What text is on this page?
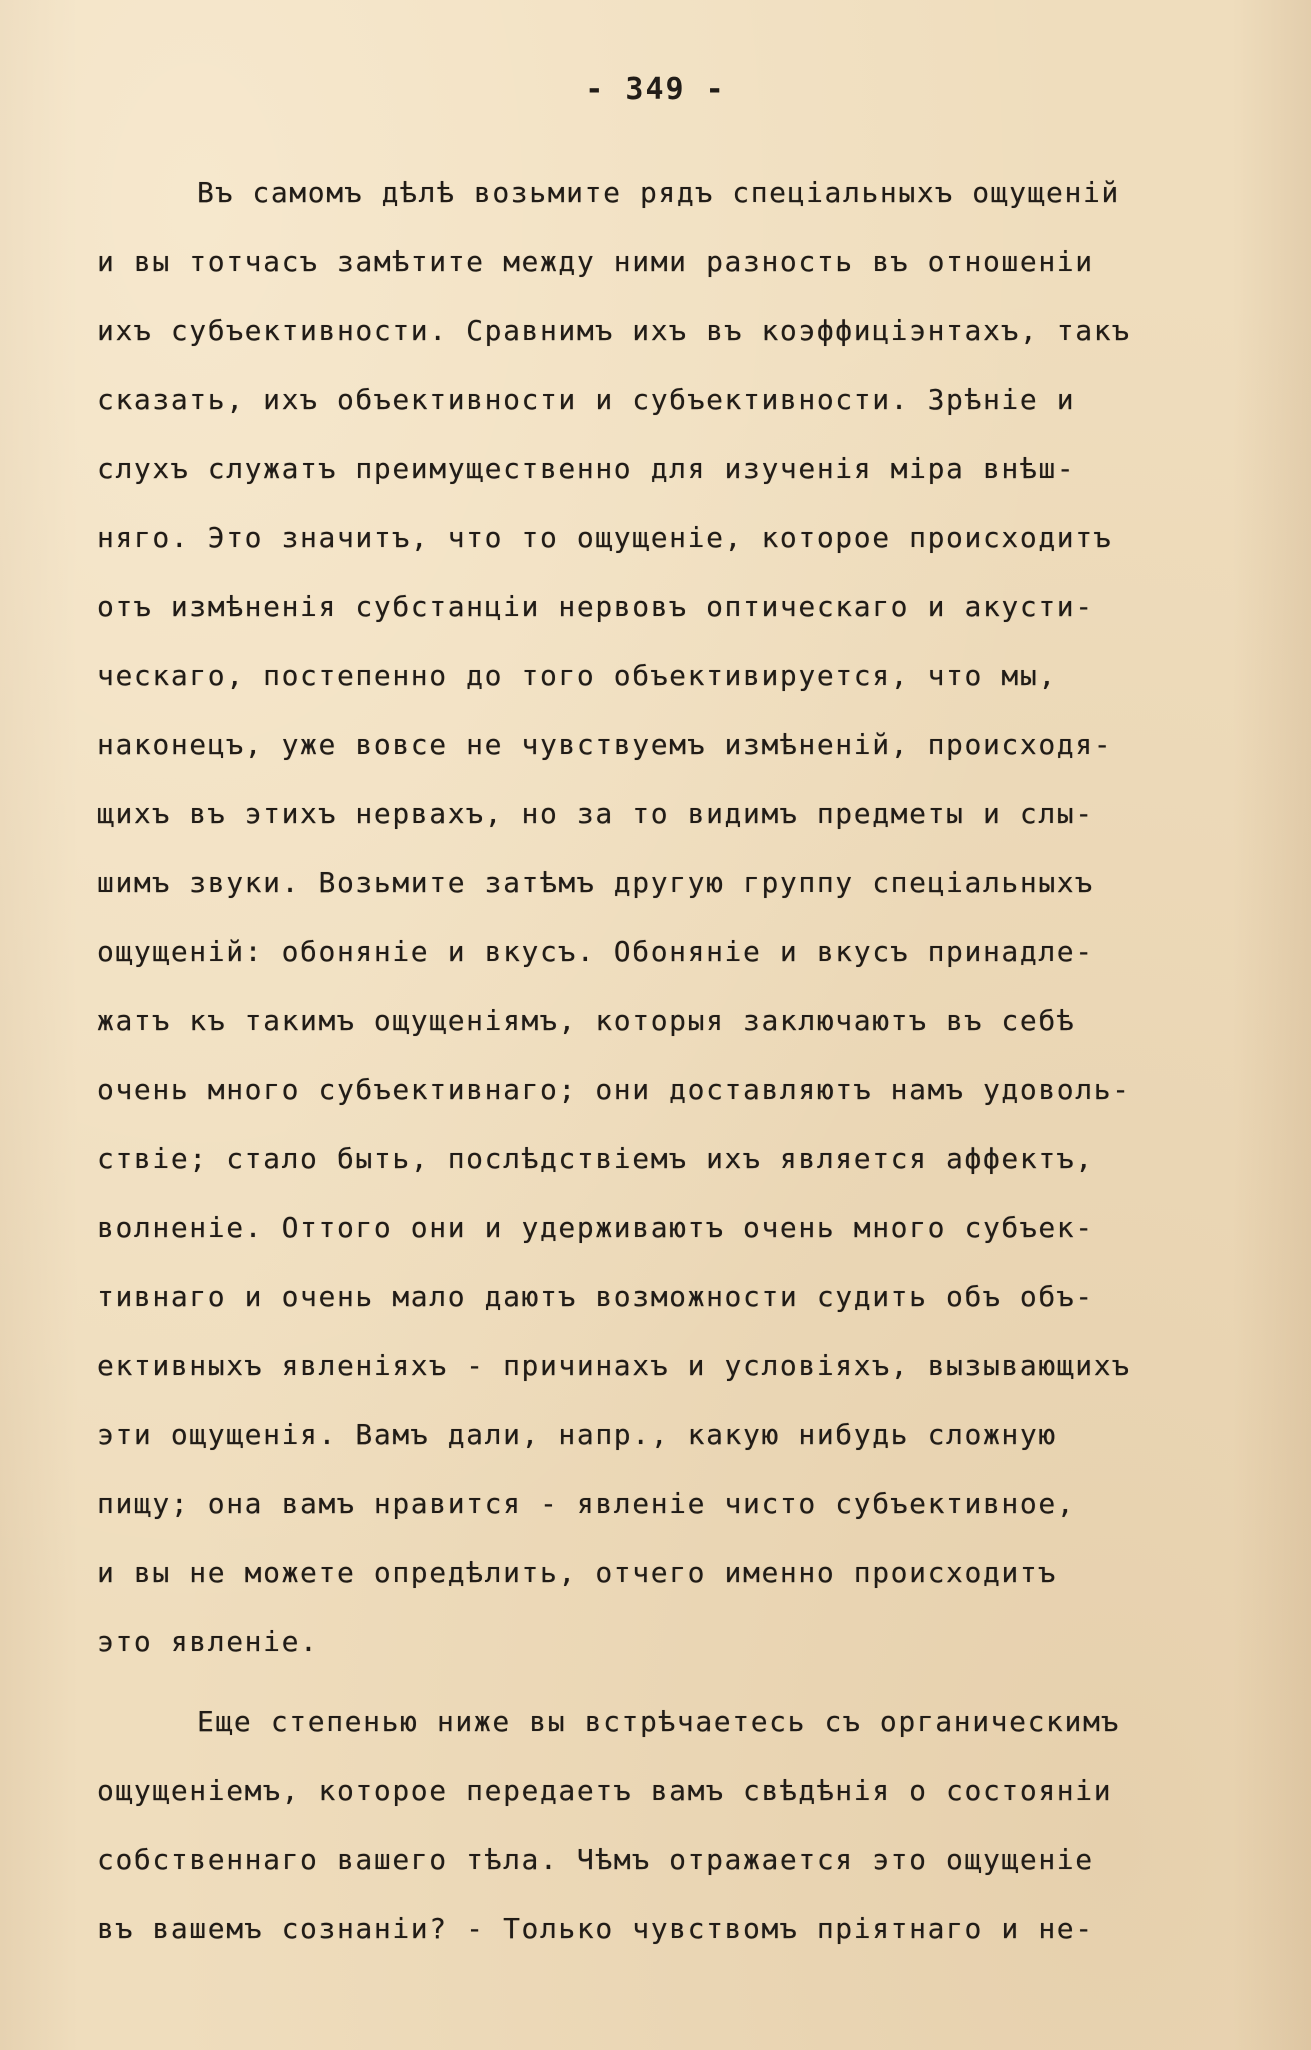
- 349 -
Въ самомъ дѣлѣ возьмите рядъ спеціальныхъ ощущеній
и вы тотчасъ замѣтите между ними разность въ отношеніи
ихъ субъективности. Сравнимъ ихъ въ коэффиціэнтахъ, такъ
сказать, ихъ объективности и субъективности. Зрѣніе и
слухъ служатъ преимущественно для изученія міра внѣш-
няго. Это значитъ, что то ощущеніе, которое происходитъ
отъ измѣненія субстанціи нервовъ оптическаго и акусти-
ческаго, постепенно до того объективируется, что мы,
наконецъ, уже вовсе не чувствуемъ измѣненій, происходя-
щихъ въ этихъ нервахъ, но за то видимъ предметы и слы-
шимъ звуки. Возьмите затѣмъ другую группу спеціальныхъ
ощущеній: обоняніе и вкусъ. Обоняніе и вкусъ принадле-
жатъ къ такимъ ощущеніямъ, которыя заключаютъ въ себѣ
очень много субъективнаго; они доставляютъ намъ удоволь-
ствіе; стало быть, послѣдствіемъ ихъ является аффектъ,
волненіе. Оттого они и удерживаютъ очень много субъек-
тивнаго и очень мало даютъ возможности судить объ объ-
ективныхъ явленіяхъ - причинахъ и условіяхъ, вызывающихъ
эти ощущенія. Вамъ дали, напр., какую нибудь сложную
пищу; она вамъ нравится - явленіе чисто субъективное,
и вы не можете опредѣлить, отчего именно происходитъ
это явленіе.
Еще степенью ниже вы встрѣчаетесь съ органическимъ
ощущеніемъ, которое передаетъ вамъ свѣдѣнія о состояніи
собственнаго вашего тѣла. Чѣмъ отражается это ощущеніе
въ вашемъ сознаніи? - Только чувствомъ пріятнаго и не-
